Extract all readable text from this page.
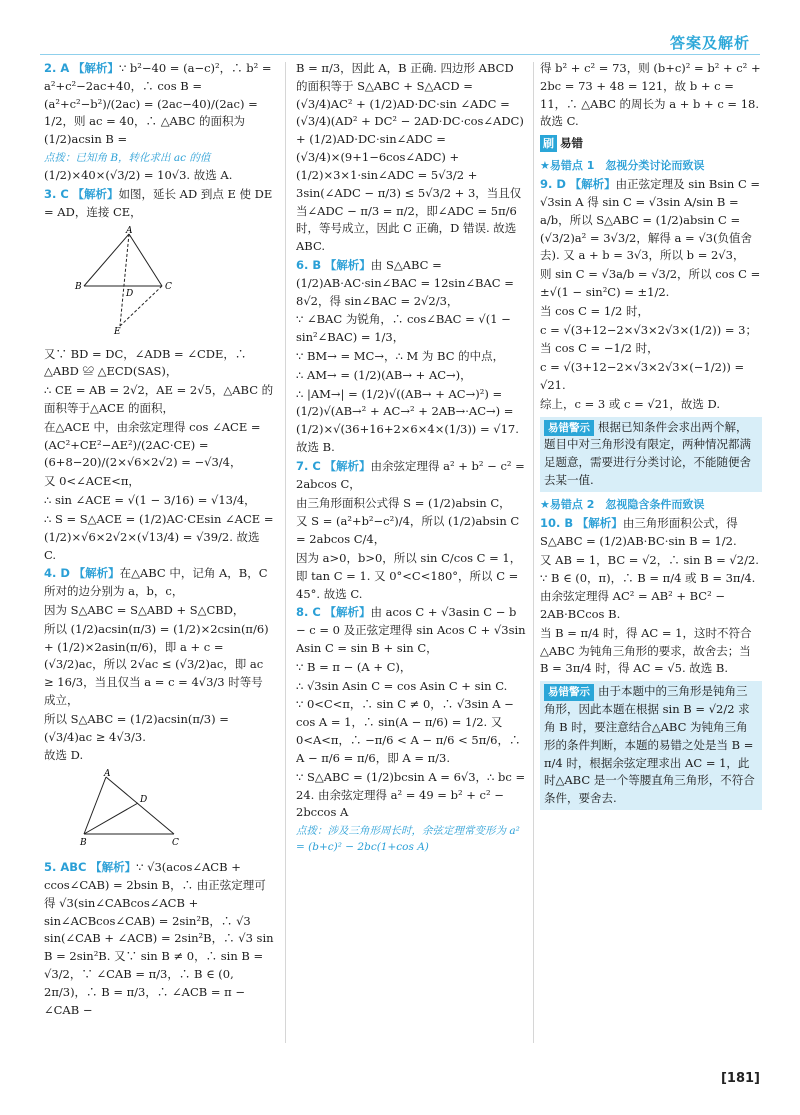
答案及解析

2. A 【解析】∵ b²−40 = (a−c)²，∴ b² = a²+c²−2ac+40，∴ cos B = (a²+c²−b²)/(2ac) = (2ac−40)/(2ac) = 1/2，则 ac = 40，∴ △ABC 的面积为 (1/2)acsin B =

点拨：已知角 B，转化求出 ac 的值

(1/2)×40×(√3/2) = 10√3. 故选 A.

3. C 【解析】如图，延长 AD 到点 E 使 DE = AD，连接 CE，

A
B	C
D
E

又∵ BD = DC，∠ADB = ∠CDE，∴ △ABD ≌ △ECD(SAS)，

∴ CE = AB = 2√2，AE = 2√5，△ABC 的面积等于△ACE 的面积，

在△ACE 中，由余弦定理得 cos ∠ACE = (AC²+CE²−AE²)/(2AC·CE) = (6+8−20)/(2×√6×2√2) = −√3/4，

又 0<∠ACE<π，

∴ sin ∠ACE = √(1 − 3/16) = √13/4，

∴ S = S△ACE = (1/2)AC·CEsin ∠ACE = (1/2)×√6×2√2×(√13/4) = √39/2. 故选 C.

4. D 【解析】在△ABC 中，记角 A，B，C 所对的边分别为 a，b，c，

因为 S△ABC = S△ABD + S△CBD，

所以 (1/2)acsin(π/3) = (1/2)×2csin(π/6) + (1/2)×2asin(π/6)，即 a + c = (√3/2)ac，所以 2√ac ≤ (√3/2)ac，即 ac ≥ 16/3，当且仅当 a = c = 4√3/3 时等号成立，

所以 S△ABC = (1/2)acsin(π/3) = (√3/4)ac ≥ 4√3/3.

故选 D.

A
D
B	C

5. ABC 【解析】∵ √3(acos∠ACB + ccos∠CAB) = 2bsin B，∴ 由正弦定理可得 √3(sin∠CABcos∠ACB + sin∠ACBcos∠CAB) = 2sin²B，∴ √3 sin(∠CAB + ∠ACB) = 2sin²B，∴ √3 sin B = 2sin²B. 又∵ sin B ≠ 0，∴ sin B = √3/2，∵ ∠CAB = π/3，∴ B ∈ (0, 2π/3)，∴ B = π/3，∴ ∠ACB = π − ∠CAB −

B = π/3，因此 A，B 正确. 四边形 ABCD 的面积等于 S△ABC + S△ACD = (√3/4)AC² + (1/2)AD·DC·sin ∠ADC = (√3/4)(AD² + DC² − 2AD·DC·cos∠ADC) + (1/2)AD·DC·sin∠ADC = (√3/4)×(9+1−6cos∠ADC) + (1/2)×3×1·sin∠ADC = 5√3/2 + 3sin(∠ADC − π/3) ≤ 5√3/2 + 3，当且仅当∠ADC − π/3 = π/2，即∠ADC = 5π/6 时，等号成立，因此 C 正确，D 错误. 故选 ABC.

6. B 【解析】由 S△ABC = (1/2)AB·AC·sin∠BAC = 12sin∠BAC = 8√2，得 sin∠BAC = 2√2/3，

∵ ∠BAC 为锐角，∴ cos∠BAC = √(1 − sin²∠BAC) = 1/3，

∵ BM→ = MC→，∴ M 为 BC 的中点，

∴ AM→ = (1/2)(AB→ + AC→)，

∴ |AM→| = (1/2)√((AB→ + AC→)²) = (1/2)√(AB→² + AC→² + 2AB→·AC→) = (1/2)×√(36+16+2×6×4×(1/3)) = √17. 故选 B.

7. C 【解析】由余弦定理得 a² + b² − c² = 2abcos C，

由三角形面积公式得 S = (1/2)absin C，

又 S = (a²+b²−c²)/4，所以 (1/2)absin C = 2abcos C/4，

因为 a>0，b>0，所以 sin C/cos C = 1，即 tan C = 1. 又 0°<C<180°，所以 C = 45°. 故选 C.

8. C 【解析】由 acos C + √3asin C − b − c = 0 及正弦定理得 sin Acos C + √3sin Asin C = sin B + sin C，

∵ B = π − (A + C)，

∴ √3sin Asin C = cos Asin C + sin C.

∵ 0<C<π，∴ sin C ≠ 0，∴ √3sin A − cos A = 1，∴ sin(A − π/6) = 1/2. 又 0<A<π，∴ −π/6 < A − π/6 < 5π/6，∴ A − π/6 = π/6，即 A = π/3.

∵ S△ABC = (1/2)bcsin A = 6√3，∴ bc = 24. 由余弦定理得 a² = 49 = b² + c² − 2bccos A

点拨：涉及三角形周长时，余弦定理常变形为 a² = (b+c)² − 2bc(1+cos A)

得 b² + c² = 73，则 (b+c)² = b² + c² + 2bc = 73 + 48 = 121，故 b + c = 11，∴ △ABC 的周长为 a + b + c = 18. 故选 C.

刷 易错

★易错点 1　忽视分类讨论而致误

9. D 【解析】由正弦定理及 sin Bsin C = √3sin A 得 sin C = √3sin A/sin B = a/b，所以 S△ABC = (1/2)absin C = (√3/2)a² = 3√3/2，解得 a = √3(负值舍去). 又 a + b = 3√3，所以 b = 2√3，

则 sin C = √3a/b = √3/2，所以 cos C = ±√(1 − sin²C) = ±1/2.

当 cos C = 1/2 时，

c = √(3+12−2×√3×2√3×(1/2)) = 3；

当 cos C = −1/2 时，

c = √(3+12−2×√3×2√3×(−1/2)) = √21.

综上，c = 3 或 c = √21，故选 D.

易错警示 根据已知条件会求出两个解，题目中对三角形没有限定，两种情况都满足题意，需要进行分类讨论，不能随便舍去某一值.

★易错点 2　忽视隐含条件而致误

10. B 【解析】由三角形面积公式，得 S△ABC = (1/2)AB·BC·sin B = 1/2.

又 AB = 1，BC = √2，∴ sin B = √2/2.

∵ B ∈ (0，π)，∴ B = π/4 或 B = 3π/4. 由余弦定理得 AC² = AB² + BC² − 2AB·BCcos B.

当 B = π/4 时，得 AC = 1，这时不符合△ABC 为钝角三角形的要求，故舍去；当 B = 3π/4 时，得 AC = √5. 故选 B.

易错警示 由于本题中的三角形是钝角三角形，因此本题在根据 sin B = √2/2 求角 B 时，要注意结合△ABC 为钝角三角形的条件判断，本题的易错之处是当 B = π/4 时，根据余弦定理求出 AC = 1，此时△ABC 是一个等腰直角三角形，不符合条件，要舍去.
[ 181 ]
